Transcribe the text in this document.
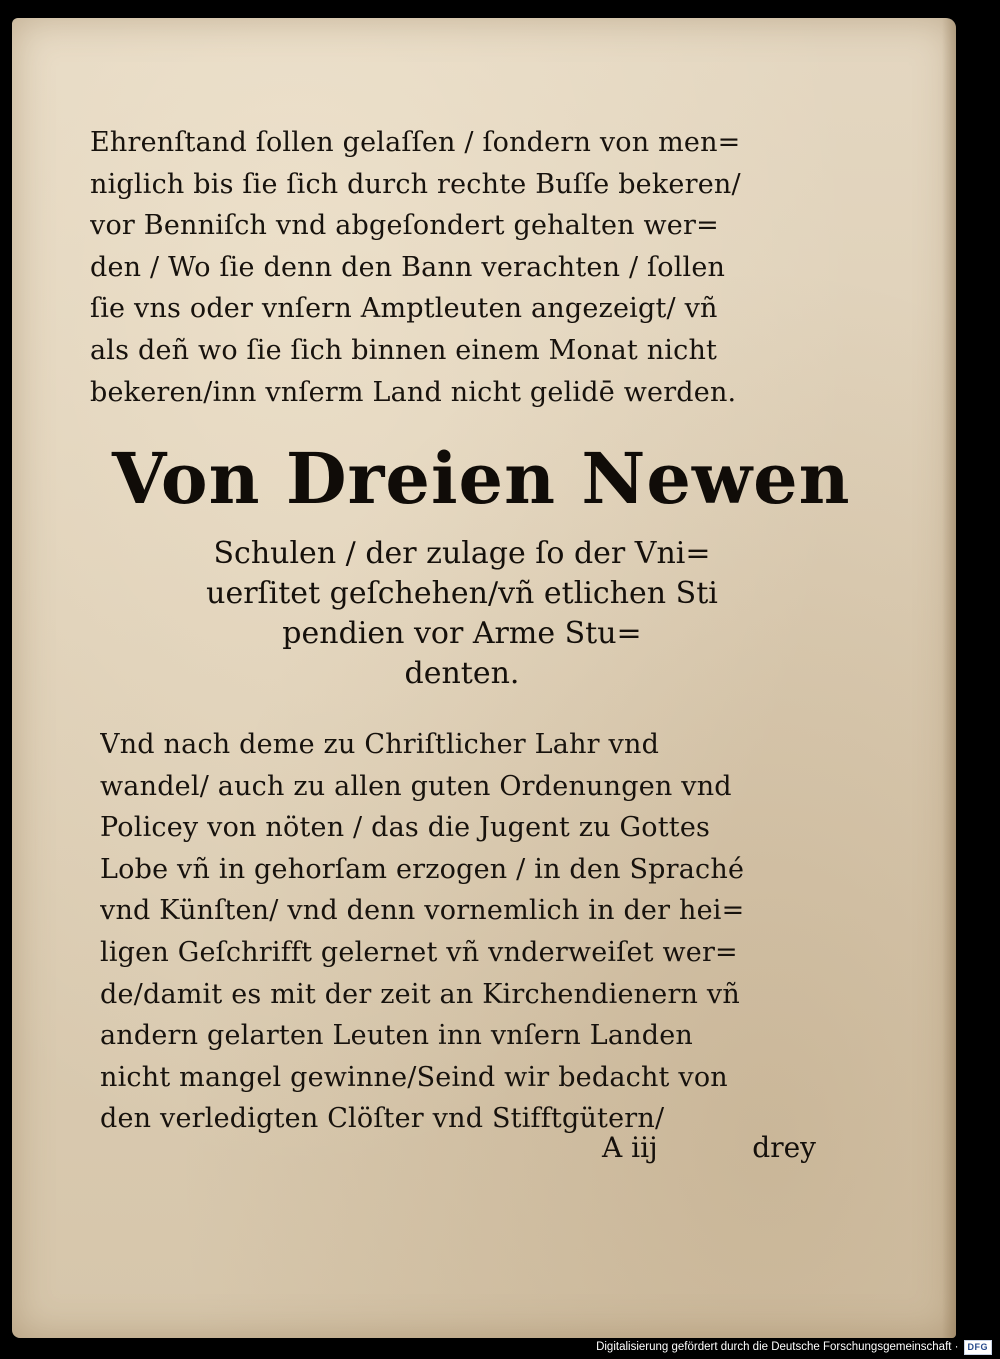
Ehrenſtand ſollen gelaſſen / ſondern von men=
niglich bis ſie ſich durch rechte Buſſe bekeren/
vor Benniſch vnd abgeſondert gehalten wer=
den / Wo ſie denn den Bann verachten / ſollen
ſie vns oder vnſern Amptleuten angezeigt/ vñ
als deñ wo ſie ſich binnen einem Monat nicht
bekeren/inn vnſerm Land nicht gelidē werden.
Von Dreien Newen
Schulen / der zulage ſo der Vni=
uerſitet geſchehen/vñ etlichen Sti
pendien vor Arme Stu=
denten.
Vnd nach deme zu Chriſtlicher Lahr vnd
wandel/ auch zu allen guten Ordenungen vnd
Policey von nöten / das die Jugent zu Gottes
Lobe vñ in gehorſam erzogen / in den Spraché
vnd Künſten/ vnd denn vornemlich in der hei=
ligen Geſchrifft gelernet vñ vnderweiſet wer=
de/damit es mit der zeit an Kirchendienern vñ
andern gelarten Leuten inn vnſern Landen
nicht mangel gewinne/Seind wir bedacht von
den verledigten Clöſter vnd Stifftgütern/
A iij	drey
Digitalisierung gefördert durch die Deutsche Forschungsgemeinschaft ·	DFG
